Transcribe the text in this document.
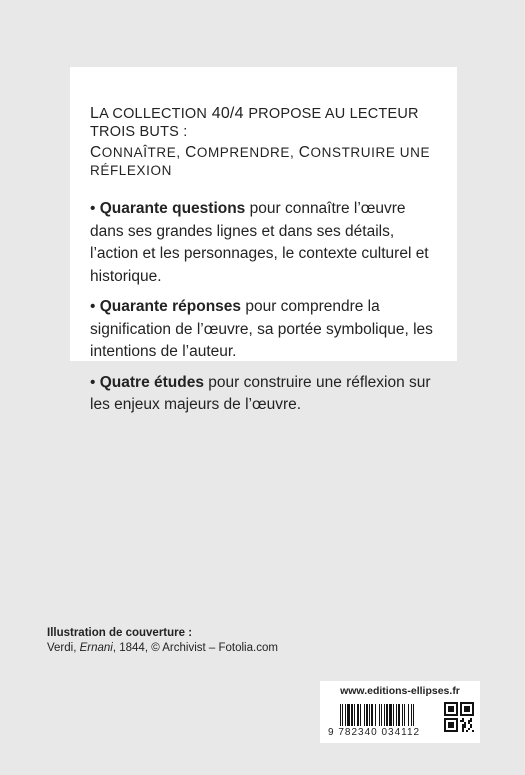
LA COLLECTION 40/4 PROPOSE AU LECTEUR TROIS BUTS :

CONNAÎTRE, COMPRENDRE, CONSTRUIRE UNE RÉFLEXION

• Quarante questions pour connaître l’œuvre dans ses grandes lignes et dans ses détails, l’action et les personnages, le contexte culturel et historique.

• Quarante réponses pour comprendre la signification de l’œuvre, sa portée symbolique, les intentions de l’auteur.

• Quatre études pour construire une réflexion sur les enjeux majeurs de l’œuvre.

Illustration de couverture :

Verdi, Ernani, 1844, © Archivist – Fotolia.com

www.editions-ellipses.fr

9 782340 034112
